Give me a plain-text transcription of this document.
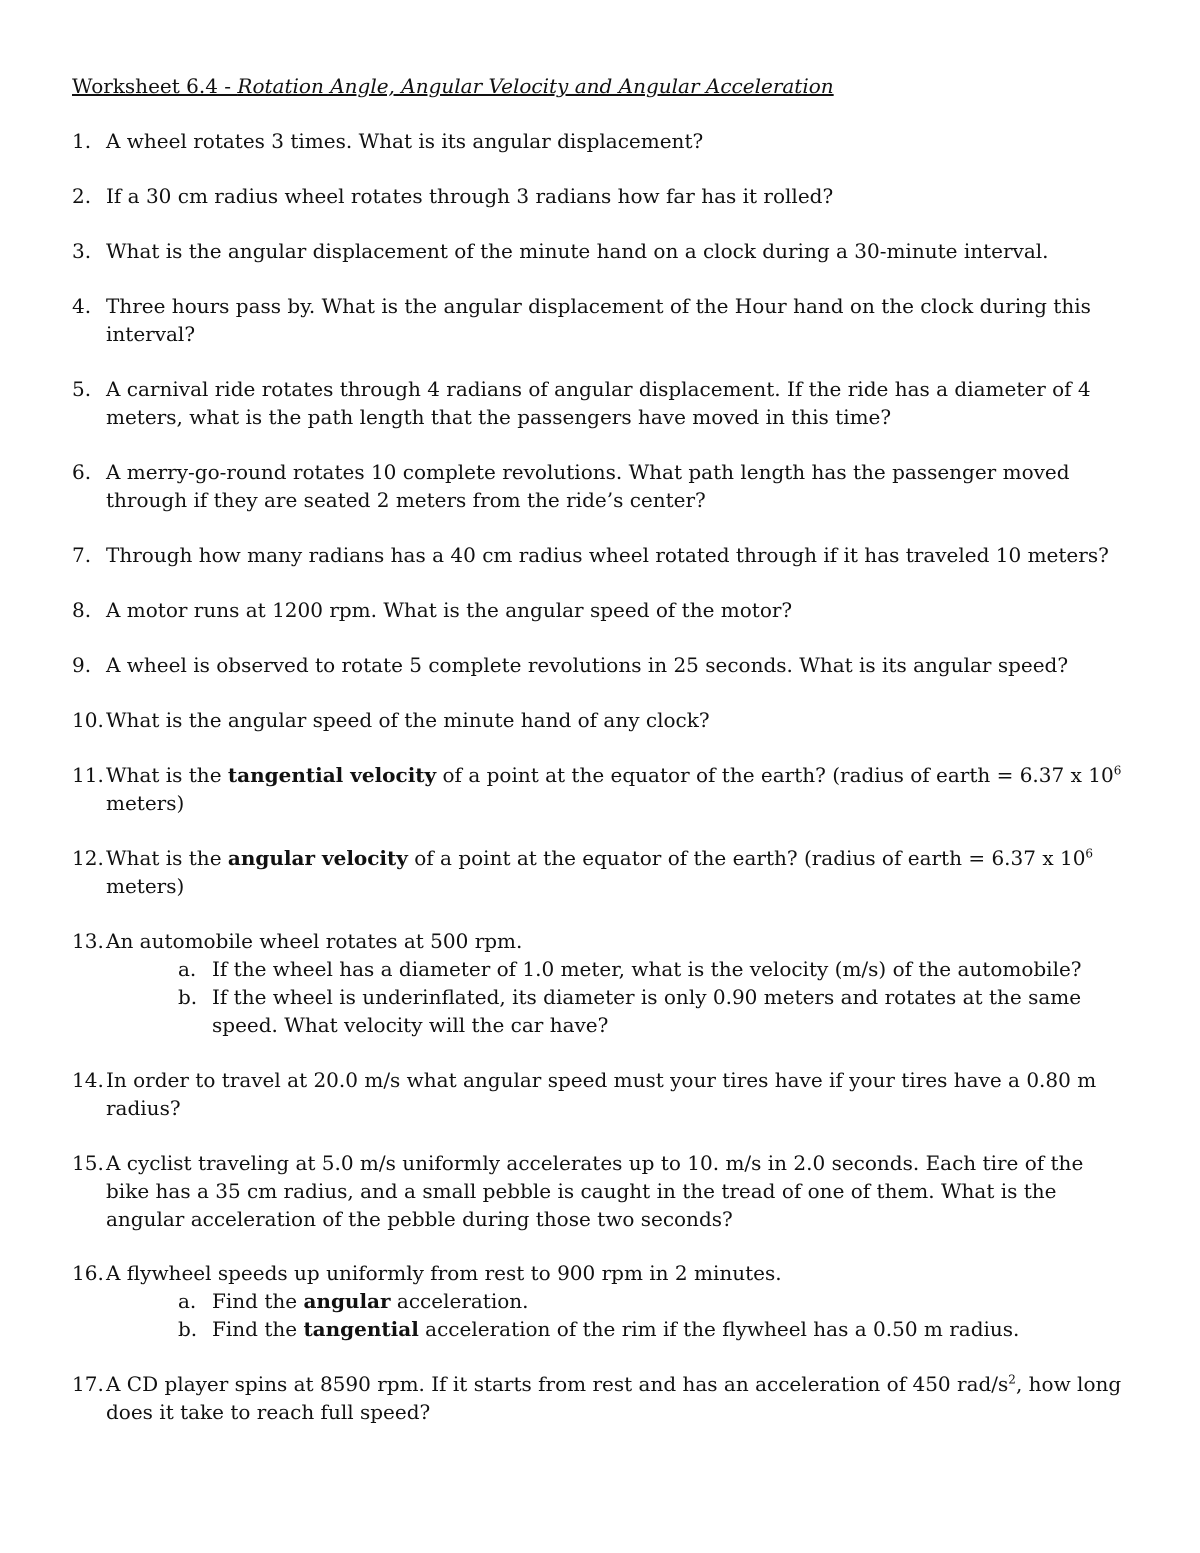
Worksheet 6.4 - Rotation Angle, Angular Velocity and Angular Acceleration
1. A wheel rotates 3 times. What is its angular displacement?
2. If a 30 cm radius wheel rotates through 3 radians how far has it rolled?
3. What is the angular displacement of the minute hand on a clock during a 30-minute interval.
4. Three hours pass by. What is the angular displacement of the Hour hand on the clock during this interval?
5. A carnival ride rotates through 4 radians of angular displacement. If the ride has a diameter of 4 meters, what is the path length that the passengers have moved in this time?
6. A merry-go-round rotates 10 complete revolutions. What path length has the passenger moved through if they are seated 2 meters from the ride’s center?
7. Through how many radians has a 40 cm radius wheel rotated through if it has traveled 10 meters?
8. A motor runs at 1200 rpm. What is the angular speed of the motor?
9. A wheel is observed to rotate 5 complete revolutions in 25 seconds. What is its angular speed?
10. What is the angular speed of the minute hand of any clock?
11. What is the tangential velocity of a point at the equator of the earth? (radius of earth = 6.37 x $10^6$ meters)
12. What is the angular velocity of a point at the equator of the earth? (radius of earth = 6.37 x $10^6$ meters)
13. An automobile wheel rotates at 500 rpm.
a. If the wheel has a diameter of 1.0 meter, what is the velocity (m/s) of the automobile?
b. If the wheel is underinflated, its diameter is only 0.90 meters and rotates at the same speed. What velocity will the car have?
14. In order to travel at 20.0 m/s what angular speed must your tires have if your tires have a 0.80 m radius?
15. A cyclist traveling at 5.0 m/s uniformly accelerates up to 10. m/s in 2.0 seconds. Each tire of the bike has a 35 cm radius, and a small pebble is caught in the tread of one of them. What is the angular acceleration of the pebble during those two seconds?
16. A flywheel speeds up uniformly from rest to 900 rpm in 2 minutes.
a. Find the angular acceleration.
b. Find the tangential acceleration of the rim if the flywheel has a 0.50 m radius.
17. A CD player spins at 8590 rpm. If it starts from rest and has an acceleration of 450 rad/$s^2$, how long does it take to reach full speed?
